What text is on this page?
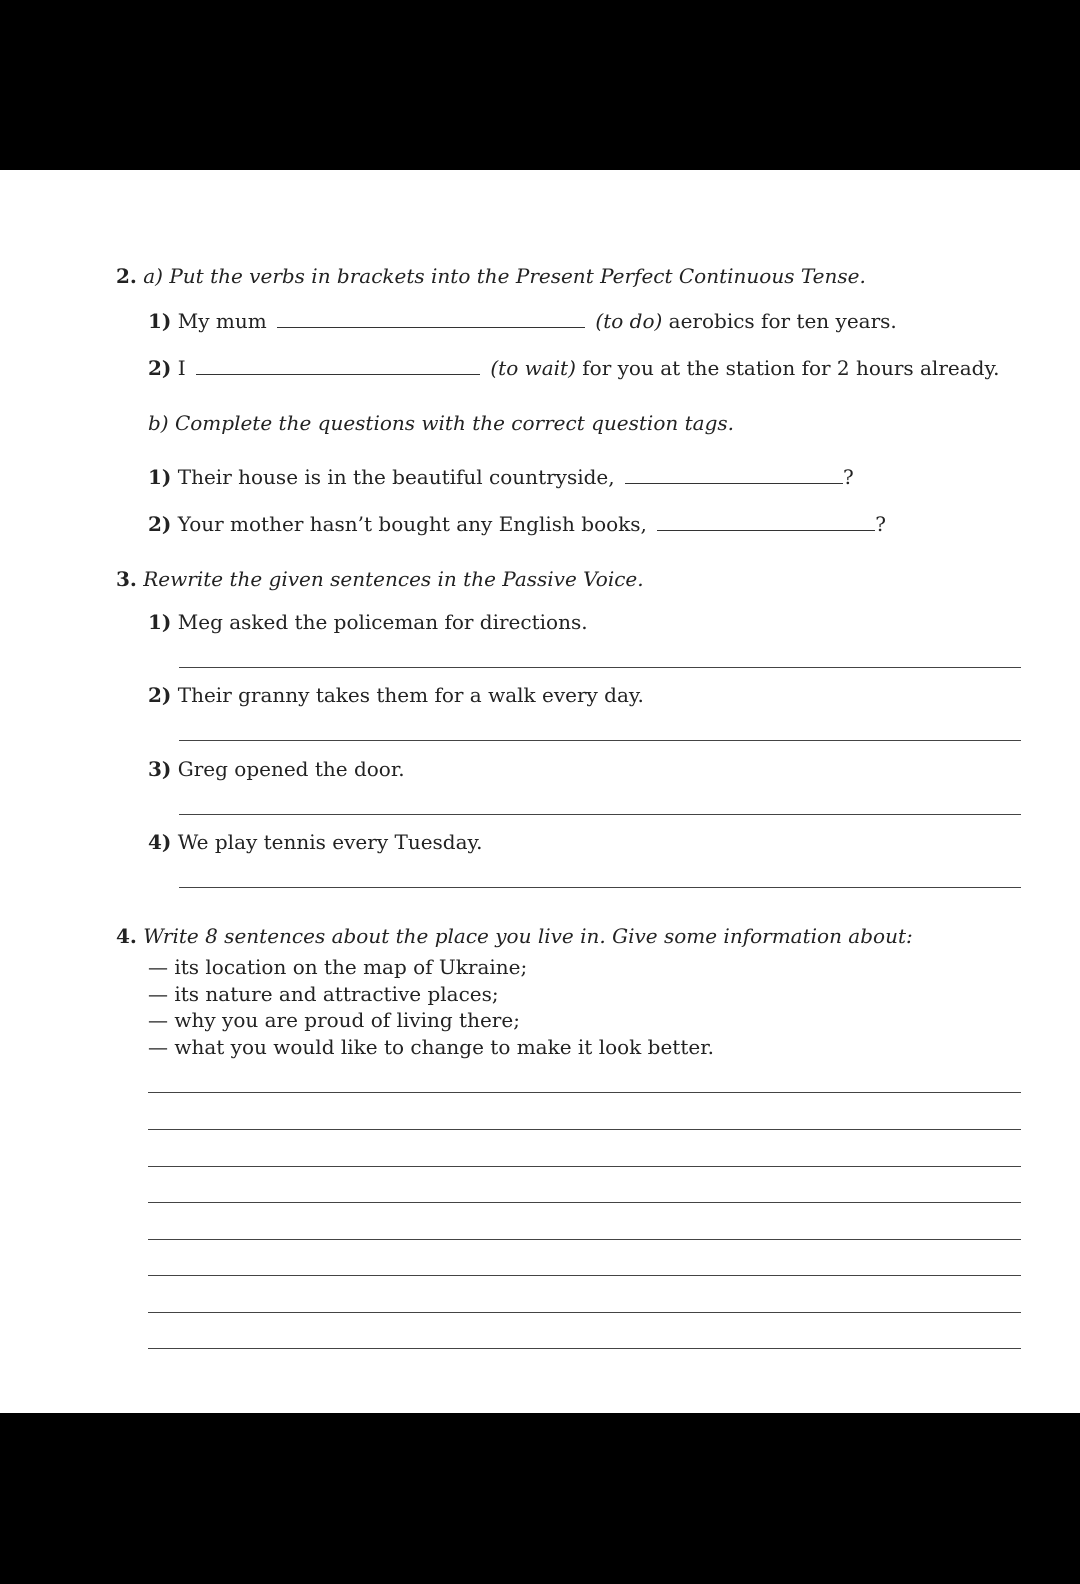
2. a) Put the verbs in brackets into the Present Perfect Continuous Tense.
1) My mum	(to do) aerobics for ten years.
2) I	(to wait) for you at the station for 2 hours already.
b) Complete the questions with the correct question tags.
1) Their house is in the beautiful countryside,	?
2) Your mother hasn’t bought any English books,	?
3. Rewrite the given sentences in the Passive Voice.
1) Meg asked the policeman for directions.
2) Their granny takes them for a walk every day.
3) Greg opened the door.
4) We play tennis every Tuesday.
4. Write 8 sentences about the place you live in. Give some information about:
— its location on the map of Ukraine;
— its nature and attractive places;
— why you are proud of living there;
— what you would like to change to make it look better.
